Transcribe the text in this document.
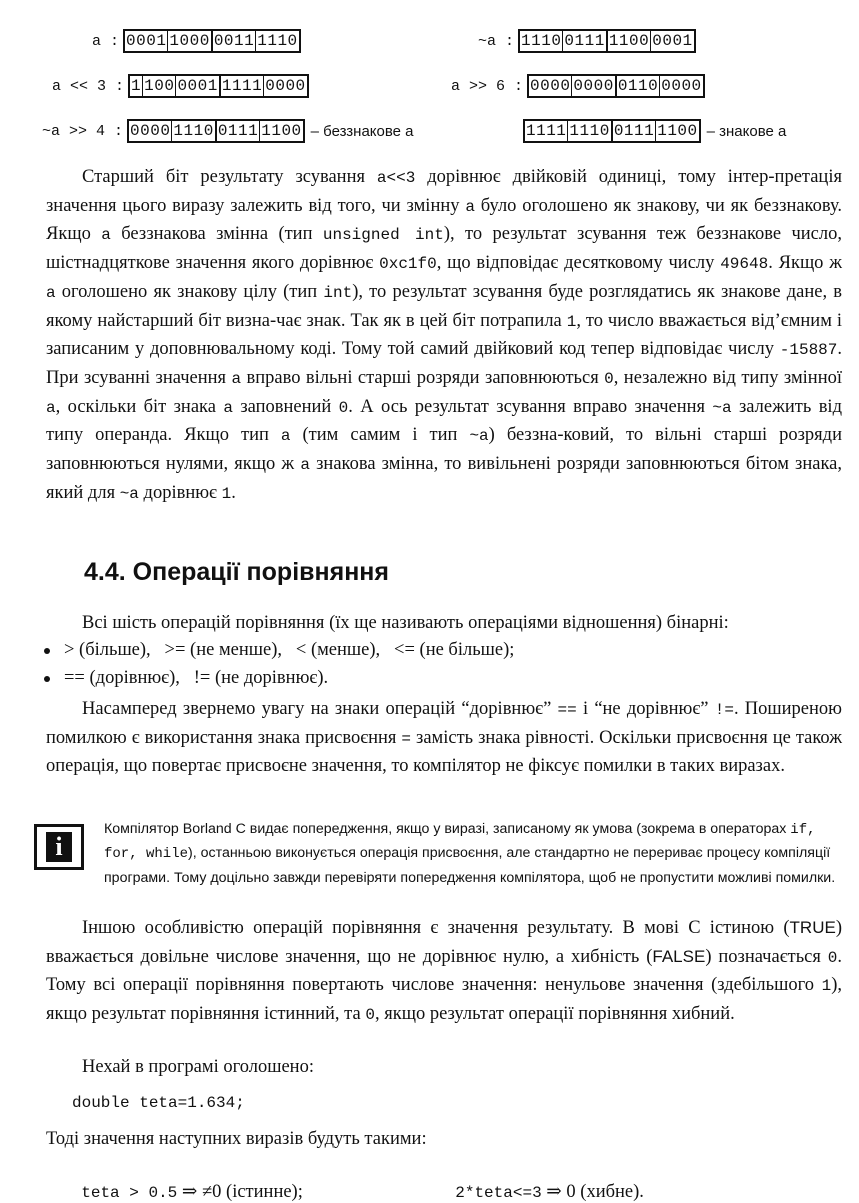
a : 0001 1000 0011 1110	~a : 1110 0111 1100 0001
a << 3 : 1 100 0001 1111 0000	a >> 6 : 0000 0000 0110 0000
~a >> 4 : 0000 1110 0111 1100 – беззнакове a	1111 1110 0111 1100 – знакове a

Старший біт результату зсування a<<3 дорівнює двійковій одиниці, тому інтер-претація значення цього виразу залежить від того, чи змінну a було оголошено як знакову, чи як беззнакову. Якщо a беззнакова змінна (тип unsigned int), то результат зсування теж беззнакове число, шістнадцяткове значення якого дорівнює 0xc1f0, що відповідає десятковому числу 49648. Якщо ж a оголошено як знакову цілу (тип int), то результат зсування буде розглядатись як знакове дане, в якому найстарший біт визна-чає знак. Так як в цей біт потрапила 1, то число вважається від’ємним і записаним у доповнювальному коді. Тому той самий двійковий код тепер відповідає числу -15887. При зсуванні значення a вправо вільні старші розряди заповнюються 0, незалежно від типу змінної a, оскільки біт знака a заповнений 0. А ось результат зсування вправо значення ~a залежить від типу операнда. Якщо тип a (тим самим і тип ~a) беззна-ковий, то вільні старші розряди заповнюються нулями, якщо ж a знакова змінна, то вивільнені розряди заповнюються бітом знака, який для ~a дорівнює 1.

4.4. Операції порівняння

Всі шість операцій порівняння (їх ще називають операціями відношення) бінарні:

> (більше),   >= (не менше),   < (менше),   <= (не більше);
== (дорівнює),   != (не дорівнює).

Насамперед звернемо увагу на знаки операцій “дорівнює” == і “не дорівнює” !=. Поширеною помилкою є використання знака присвоєння = замість знака рівності. Оскільки присвоєння це також операція, що повертає присвоєне значення, то компілятор не фіксує помилки в таких виразах.

i
Компілятор Borland C видає попередження, якщо у виразі, записаному як умова (зокрема в операторах if, for, while), останньою виконується операція присвоєння, але стандартно не перериває процесу компіляції програми. Тому доцільно завжди перевіряти попередження компілятора, щоб не пропустити можливі помилки.

Іншою особливістю операцій порівняння є значення результату. В мові С істиною (TRUE) вважається довільне числове значення, що не дорівнює нулю, а хибність (FALSE) позначається 0. Тому всі операції порівняння повертають числове значення: ненульове значення (здебільшого 1), якщо результат порівняння істинний, та 0, якщо результат операції порівняння хибний.

Нехай в програмі оголошено:

double teta=1.634;

Тоді значення наступних виразів будуть такими:

teta > 0.5 ⇒ ≠0 (істинне);	2*teta<=3 ⇒ 0 (хибне).
